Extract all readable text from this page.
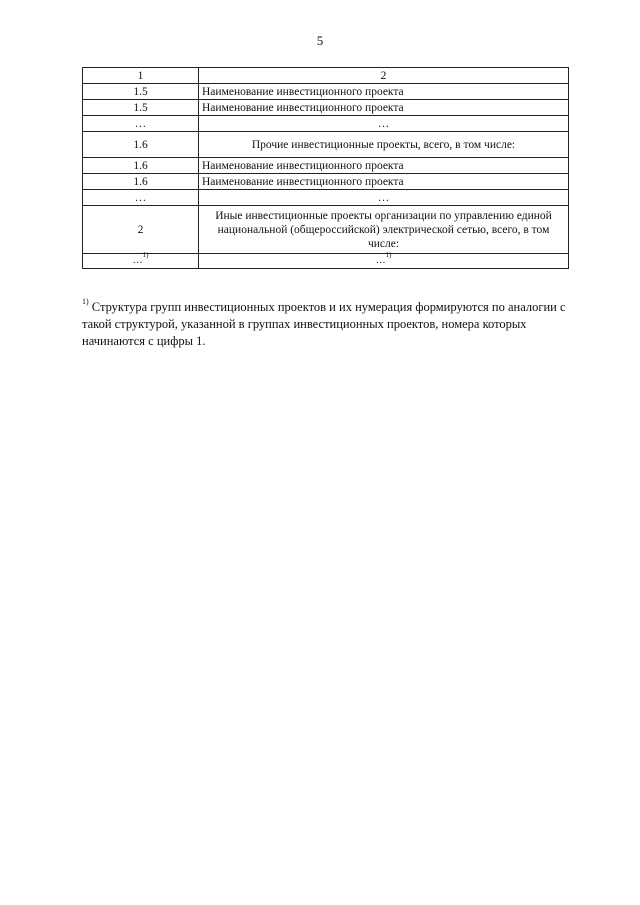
5
1	2
1.5	Наименование инвестиционного проекта
1.5	Наименование инвестиционного проекта
…	…
1.6	Прочие инвестиционные проекты, всего, в том числе:
1.6	Наименование инвестиционного проекта
1.6	Наименование инвестиционного проекта
…	…
2	Иные инвестиционные проекты организации по управлению единой национальной (общероссийской) электрической сетью, всего, в том числе:
…$^{1)}$	…$^{1)}$
$^{1)}$ Структура групп инвестиционных проектов и их нумерация формируются по аналогии с такой структурой, указанной в группах инвестиционных проектов, номера которых начинаются с цифры 1.
